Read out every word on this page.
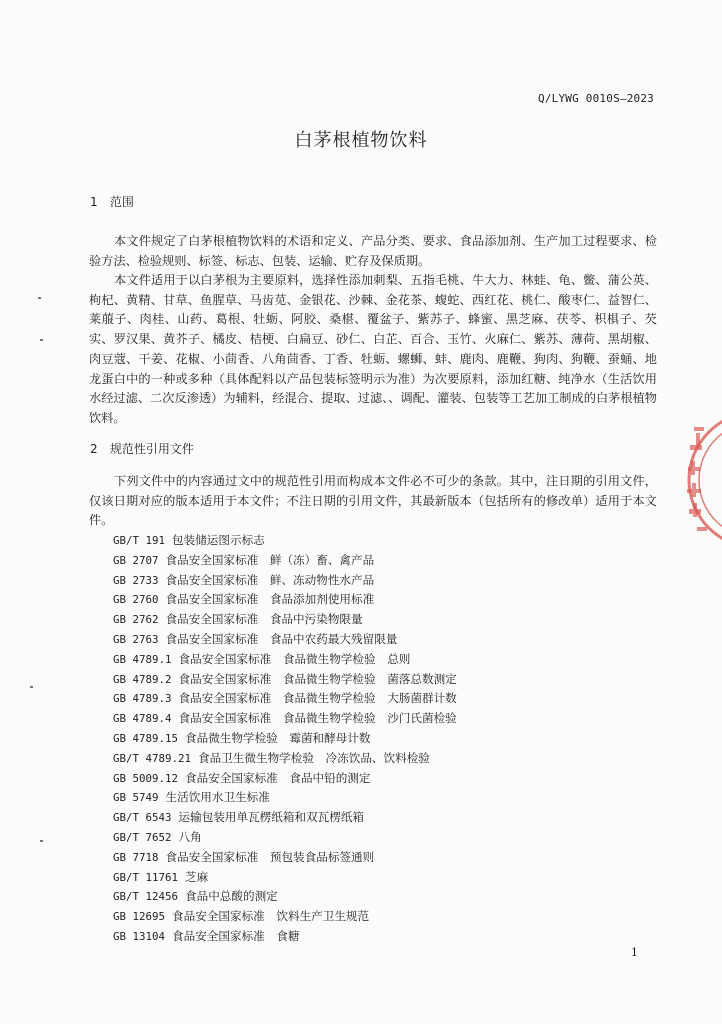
Q/LYWG 0010S—2023
白茅根植物饮料
1 范围

本文件规定了白茅根植物饮料的术语和定义、产品分类、要求、食品添加剂、生产加工过程要求、检验方法、检验规则、标签、标志、包装、运输、贮存及保质期。

本文件适用于以白茅根为主要原料，选择性添加刺梨、五指毛桃、牛大力、林蛙、龟、鳖、蒲公英、枸杞、黄精、甘草、鱼腥草、马齿苋、金银花、沙棘、金花茶、蝮蛇、西红花、桃仁、酸枣仁、益智仁、莱菔子、肉桂、山药、葛根、牡蛎、阿胶、桑椹、覆盆子、紫苏子、蜂蜜、黑芝麻、茯苓、枳椇子、芡实、罗汉果、黄芥子、橘皮、桔梗、白扁豆、砂仁、白芷、百合、玉竹、火麻仁、紫苏、薄荷、黑胡椒、肉豆蔻、干姜、花椒、小茴香、八角茴香、丁香、牡蛎、螺蛳、蚌、鹿肉、鹿鞭、狗肉、狗鞭、蚕蛹、地龙蛋白中的一种或多种（具体配料以产品包装标签明示为准）为次要原料，添加红糖、纯净水（生活饮用水经过滤、二次反渗透）为辅料，经混合、提取、过滤、、调配、灌装、包装等工艺加工制成的白茅根植物饮料。

2 规范性引用文件

下列文件中的内容通过文中的规范性引用而构成本文件必不可少的条款。其中，注日期的引用文件，仅该日期对应的版本适用于本文件；不注日期的引用文件，其最新版本（包括所有的修改单）适用于本文件。

GB/T 191 包装储运图示标志
GB 2707 食品安全国家标准　鲜（冻）畜、禽产品
GB 2733 食品安全国家标准　鲜、冻动物性水产品
GB 2760 食品安全国家标准　食品添加剂使用标准
GB 2762 食品安全国家标准　食品中污染物限量
GB 2763 食品安全国家标准　食品中农药最大残留限量
GB 4789.1 食品安全国家标准　食品微生物学检验　总则
GB 4789.2 食品安全国家标准　食品微生物学检验　菌落总数测定
GB 4789.3 食品安全国家标准　食品微生物学检验　大肠菌群计数
GB 4789.4 食品安全国家标准　食品微生物学检验　沙门氏菌检验
GB 4789.15 食品微生物学检验　霉菌和酵母计数
GB/T 4789.21 食品卫生微生物学检验　冷冻饮品、饮料检验
GB 5009.12 食品安全国家标准　食品中铅的测定
GB 5749 生活饮用水卫生标准
GB/T 6543 运输包装用单瓦楞纸箱和双瓦楞纸箱
GB/T 7652 八角
GB 7718 食品安全国家标准　预包装食品标签通则
GB/T 11761 芝麻
GB/T 12456 食品中总酸的测定
GB 12695 食品安全国家标准　饮料生产卫生规范
GB 13104 食品安全国家标准　食糖
1
